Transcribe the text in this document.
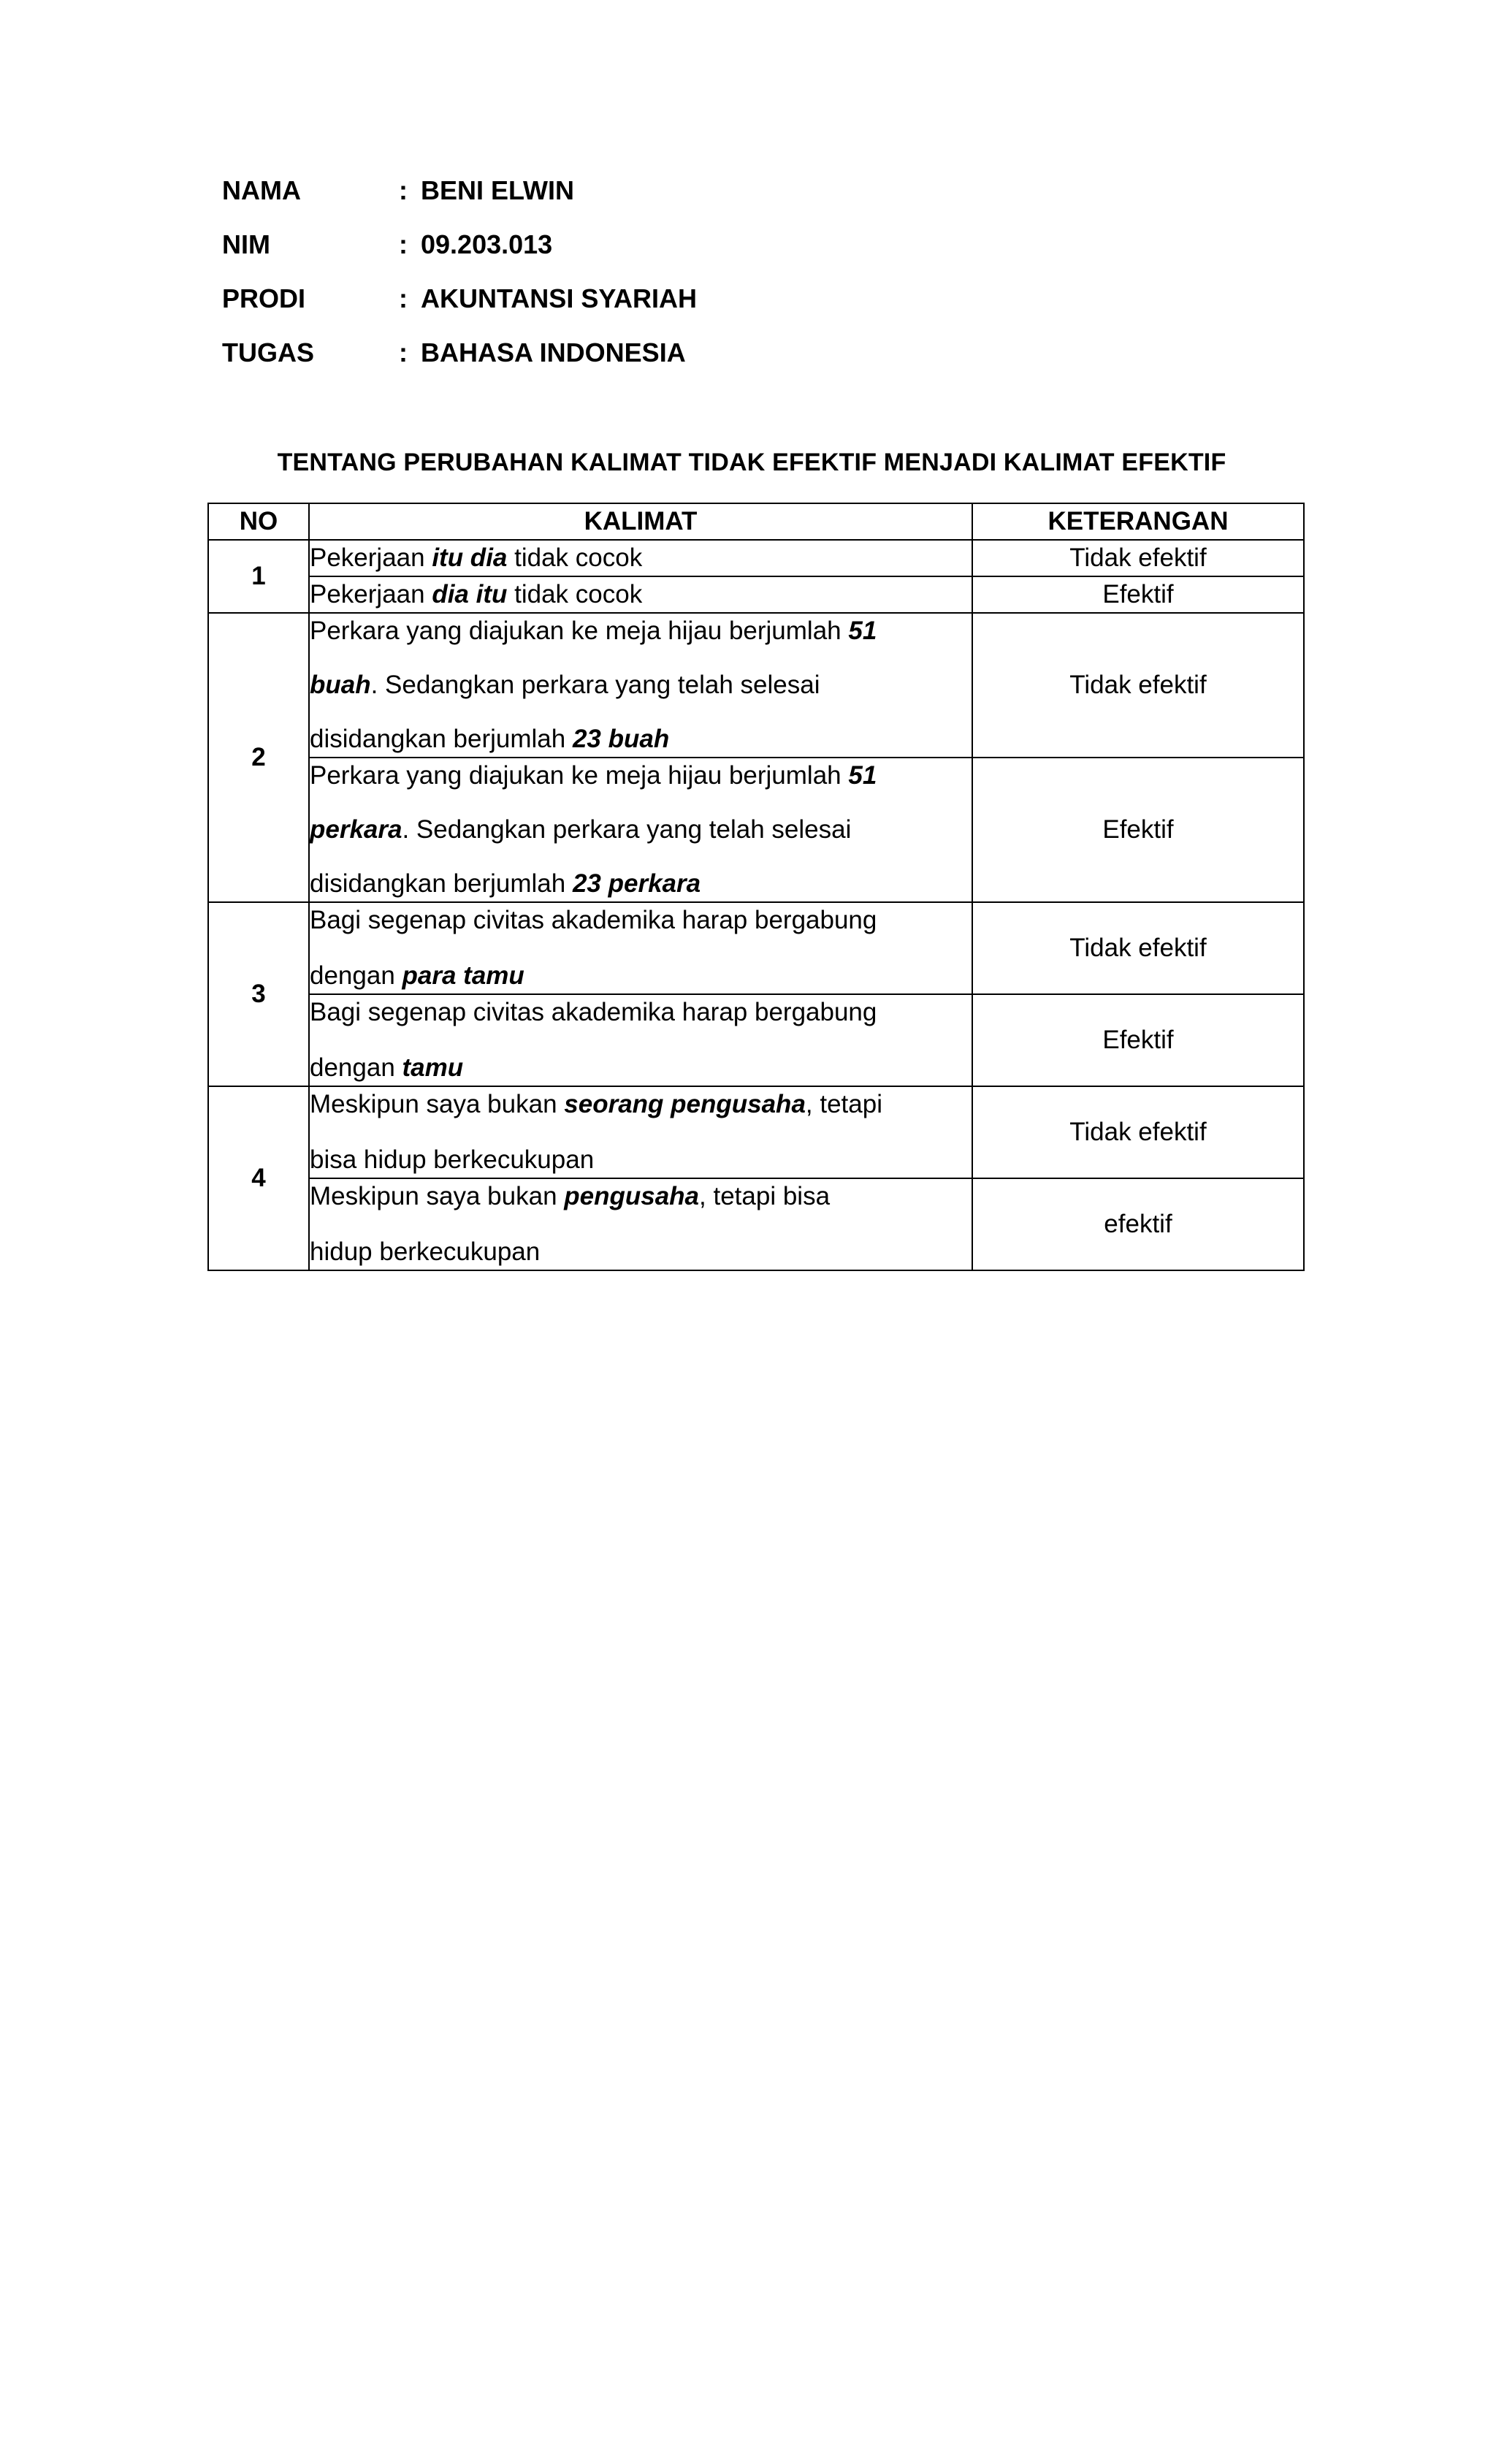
NAMA	: BENI ELWIN
NIM	: 09.203.013
PRODI	: AKUNTANSI SYARIAH
TUGAS	: BAHASA INDONESIA
TENTANG PERUBAHAN KALIMAT TIDAK EFEKTIF MENJADI KALIMAT EFEKTIF
NO	KALIMAT	KETERANGAN
1	Pekerjaan itu dia tidak cocok	Tidak efektif

	Pekerjaan dia itu tidak cocok	Efektif
2	Perkara yang diajukan ke meja hijau berjumlah 51
buah. Sedangkan perkara yang telah selesai
disidangkan berjumlah 23 buah	Tidak efektif

	Perkara yang diajukan ke meja hijau berjumlah 51
perkara. Sedangkan perkara yang telah selesai
disidangkan berjumlah 23 perkara	Efektif
3	Bagi segenap civitas akademika harap bergabung
dengan para tamu	Tidak efektif

	Bagi segenap civitas akademika harap bergabung
dengan tamu	Efektif
4	Meskipun saya bukan seorang pengusaha, tetapi
bisa hidup berkecukupan	Tidak efektif

	Meskipun saya bukan pengusaha, tetapi bisa
hidup berkecukupan	efektif
